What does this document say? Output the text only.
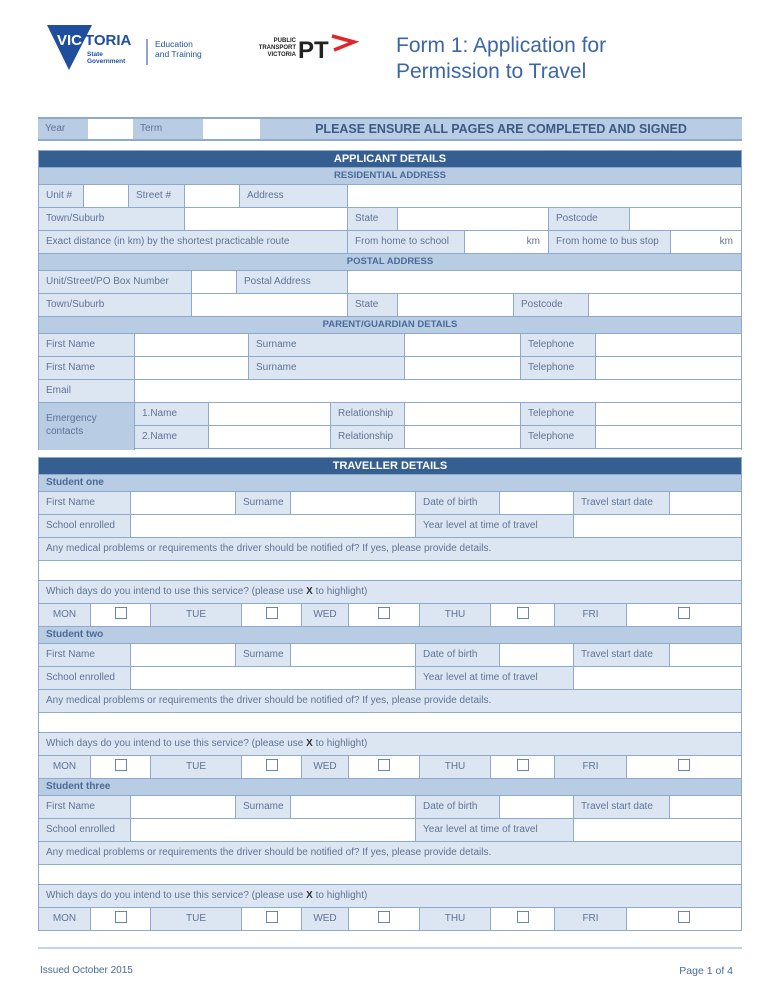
VIC TORIA
State
Government
Education
and Training
PUBLIC
TRANSPORT
VICTORIA PT	Form 1: Application for
Permission to Travel
Year	Term	PLEASE ENSURE ALL PAGES ARE COMPLETED AND SIGNED
APPLICANT DETAILS
RESIDENTIAL ADDRESS
Unit #	Street #	Address
Town/Suburb	State	Postcode
Exact distance (in km) by the shortest practicable route	From home to school	km	From home to bus stop	km
POSTAL ADDRESS
Unit/Street/PO Box Number	Postal Address
Town/Suburb	State	Postcode
PARENT/GUARDIAN DETAILS
First Name	Surname	Telephone
First Name	Surname	Telephone
Email
Emergency contacts
1.Name	Relationship	Telephone
2.Name	Relationship	Telephone
TRAVELLER DETAILS
Student one
First Name	Surname	Date of birth	Travel start date
School enrolled	Year level at time of travel
Any medical problems or requirements the driver should be notified of? If yes, please provide details.
Which days do you intend to use this service? (please use X to highlight)
MON	TUE	WED	THU	FRI
Student two
First Name	Surname	Date of birth	Travel start date
School enrolled	Year level at time of travel
Any medical problems or requirements the driver should be notified of? If yes, please provide details.
Which days do you intend to use this service? (please use X to highlight)
MON	TUE	WED	THU	FRI
Student three
First Name	Surname	Date of birth	Travel start date
School enrolled	Year level at time of travel
Any medical problems or requirements the driver should be notified of? If yes, please provide details.
Which days do you intend to use this service? (please use X to highlight)
MON	TUE	WED	THU	FRI
Issued October 2015	Page 1 of 4
